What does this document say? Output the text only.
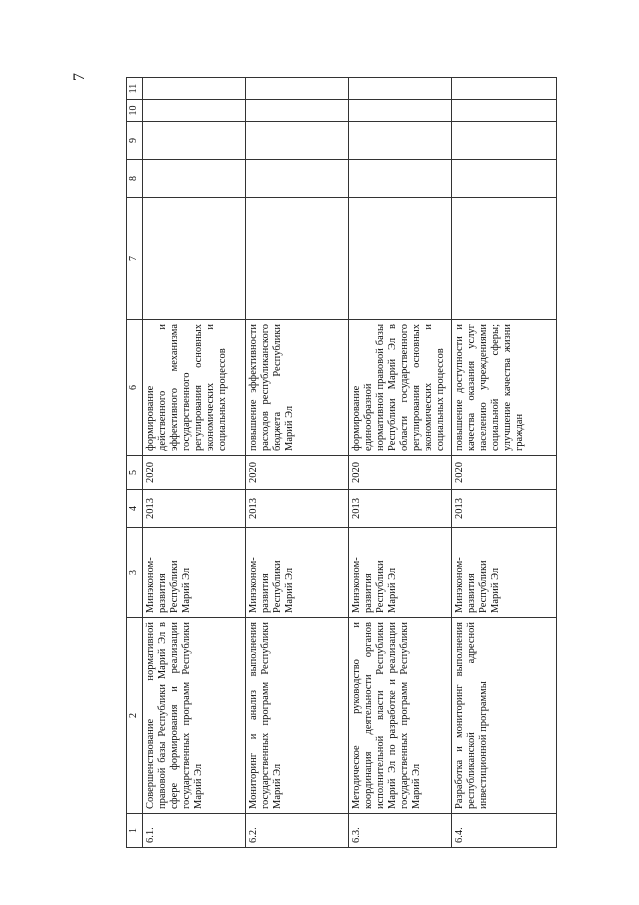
7
1	2	3	4	5	6	7	8	9	10	11
6.1.	Совершенствование нормативной правовой базы Республики Марий Эл в сфере формирования и реализации государственных программ Республики Марий Эл	Минэконом-развития Республики Марий Эл	2013	2020	формирование действенного и эффективного механизма государственного регулирования основных экономических и социальных процессов					
6.2.	Мониторинг и анализ выполнения государственных программ Республики Марий Эл	Минэконом-развития Республики Марий Эл	2013	2020	повышение эффективности расходов республиканского бюджета Республики Марий Эл					
6.3.	Методическое руководство и координация деятельности органов исполнительной власти Республики Марий Эл по разработке и реализации государственных программ Республики Марий Эл	Минэконом-развития Республики Марий Эл	2013	2020	формирование единообразной нормативной правовой базы Республики Марий Эл в области государственного регулирования основных экономических и социальных процессов					
6.4.	Разработка и мониторинг выполнения республиканской адресной инвестиционной программы	Минэконом-развития Республики Марий Эл	2013	2020	повышение доступности и качества оказания услуг населению учреждениями социальной сферы; улучшение качества жизни граждан					
